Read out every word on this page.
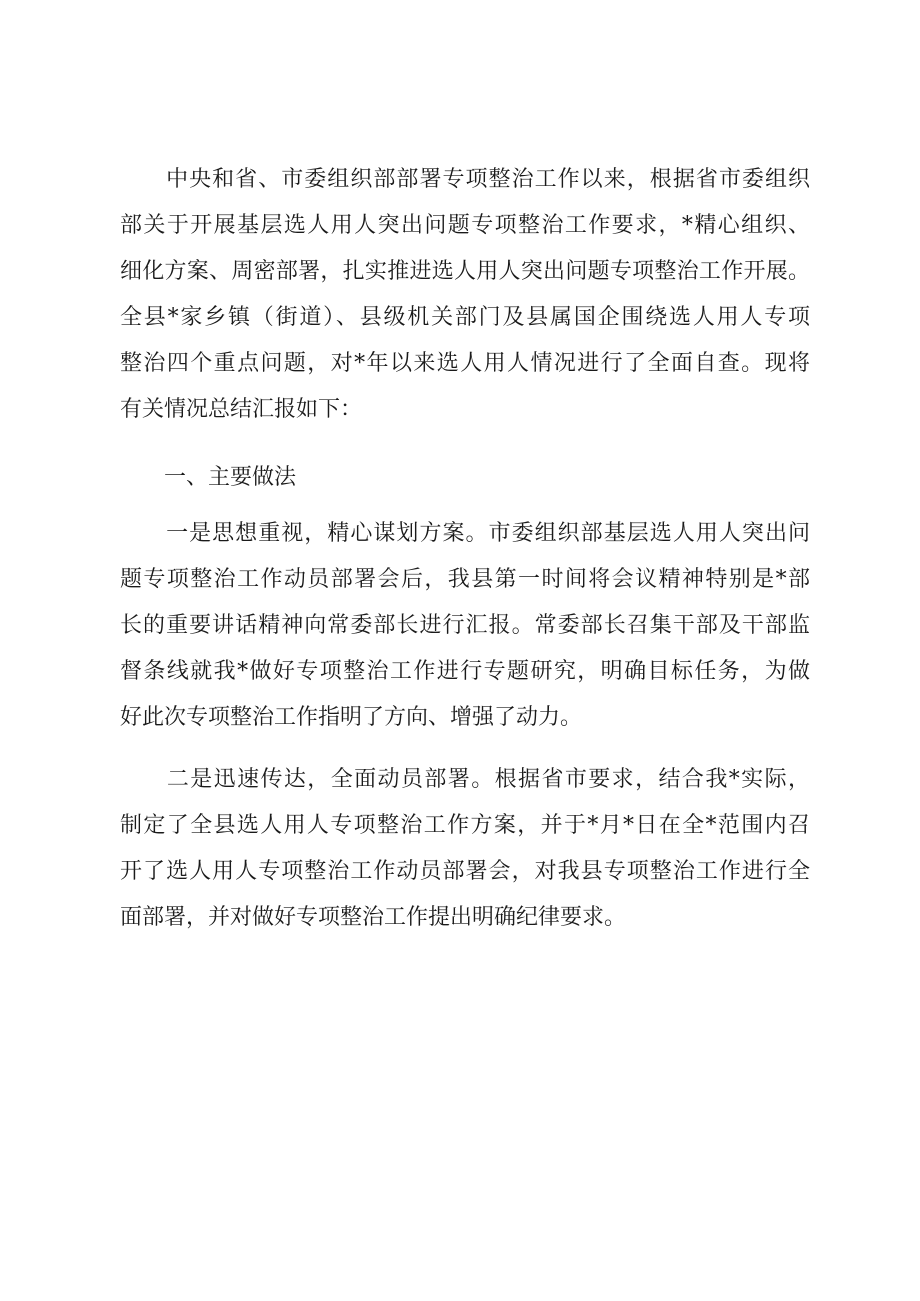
　　中央和省、市委组织部部署专项整治工作以来，根据省市委组织
部关于开展基层选人用人突出问题专项整治工作要求，*精心组织、
细化方案、周密部署，扎实推进选人用人突出问题专项整治工作开展。
全县*家乡镇（街道）、县级机关部门及县属国企围绕选人用人专项
整治四个重点问题，对*年以来选人用人情况进行了全面自查。现将
有关情况总结汇报如下：
　　一、主要做法
　　一是思想重视，精心谋划方案。市委组织部基层选人用人突出问
题专项整治工作动员部署会后，我县第一时间将会议精神特别是*部
长的重要讲话精神向常委部长进行汇报。常委部长召集干部及干部监
督条线就我*做好专项整治工作进行专题研究，明确目标任务，为做
好此次专项整治工作指明了方向、增强了动力。
　　二是迅速传达，全面动员部署。根据省市要求，结合我*实际，
制定了全县选人用人专项整治工作方案，并于*月*日在全*范围内召
开了选人用人专项整治工作动员部署会，对我县专项整治工作进行全
面部署，并对做好专项整治工作提出明确纪律要求。
